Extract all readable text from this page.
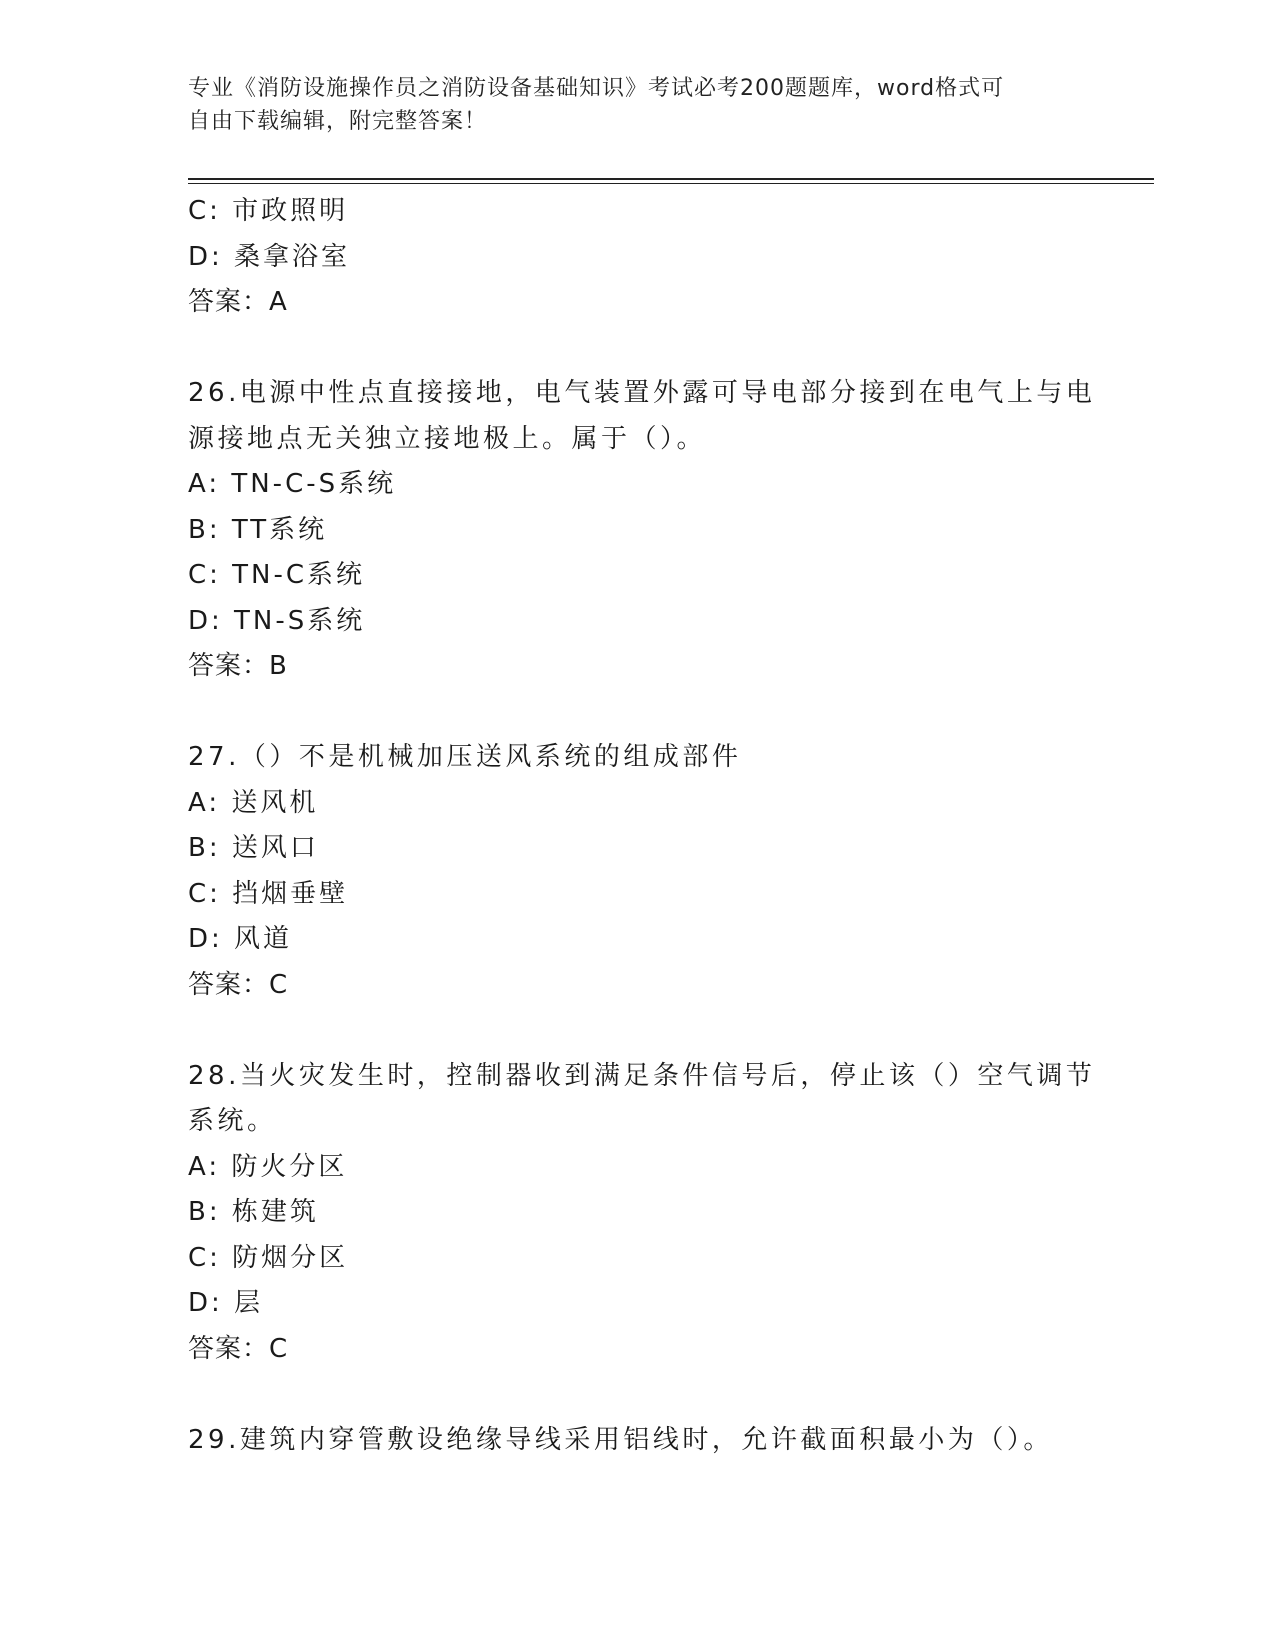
专业《消防设施操作员之消防设备基础知识》考试必考200题题库，word格式可
自由下载编辑，附完整答案！
C: 市政照明
D: 桑拿浴室
答案：A
26.电源中性点直接接地，电气装置外露可导电部分接到在电气上与电
源接地点无关独立接地极上。属于（）。
A: TN-C-S系统
B: TT系统
C: TN-C系统
D: TN-S系统
答案：B
27.（）不是机械加压送风系统的组成部件
A: 送风机
B: 送风口
C: 挡烟垂壁
D: 风道
答案：C
28.当火灾发生时，控制器收到满足条件信号后，停止该（）空气调节
系统。
A: 防火分区
B: 栋建筑
C: 防烟分区
D: 层
答案：C
29.建筑内穿管敷设绝缘导线采用铝线时，允许截面积最小为（）。
